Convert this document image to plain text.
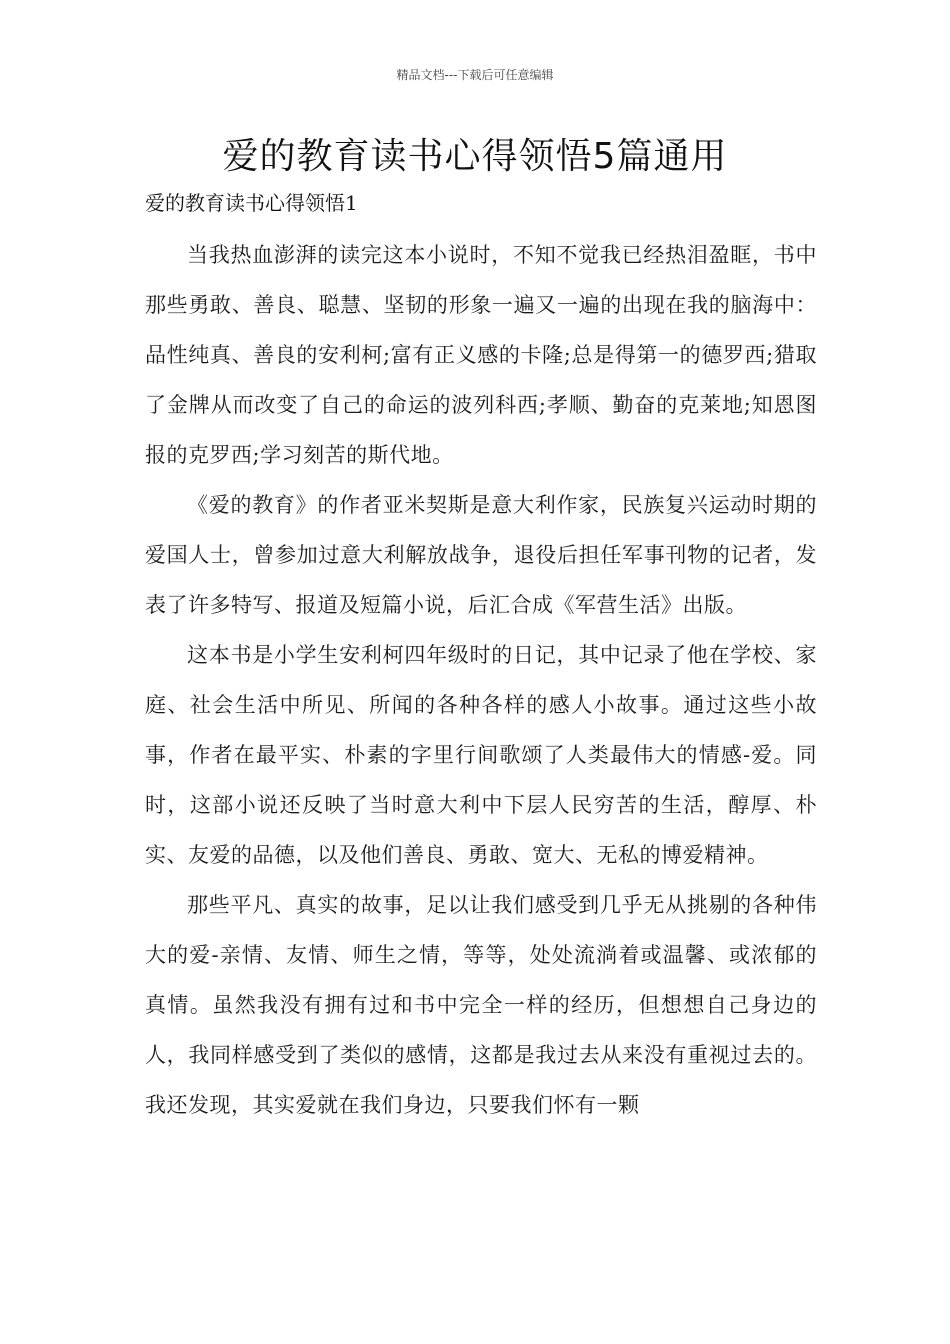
精品文档---下载后可任意编辑
爱的教育读书心得领悟5篇通用
爱的教育读书心得领悟1

当我热血澎湃的读完这本小说时，不知不觉我已经热泪盈眶，书中那些勇敢、善良、聪慧、坚韧的形象一遍又一遍的出现在我的脑海中：品性纯真、善良的安利柯;富有正义感的卡隆;总是得第一的德罗西;猎取了金牌从而改变了自己的命运的波列科西;孝顺、勤奋的克莱地;知恩图报的克罗西;学习刻苦的斯代地。

《爱的教育》的作者亚米契斯是意大利作家，民族复兴运动时期的爱国人士，曾参加过意大利解放战争，退役后担任军事刊物的记者，发表了许多特写、报道及短篇小说，后汇合成《军营生活》出版。

这本书是小学生安利柯四年级时的日记，其中记录了他在学校、家庭、社会生活中所见、所闻的各种各样的感人小故事。通过这些小故事，作者在最平实、朴素的字里行间歌颂了人类最伟大的情感-爱。同时，这部小说还反映了当时意大利中下层人民穷苦的生活，醇厚、朴实、友爱的品德，以及他们善良、勇敢、宽大、无私的博爱精神。

那些平凡、真实的故事，足以让我们感受到几乎无从挑剔的各种伟大的爱-亲情、友情、师生之情，等等，处处流淌着或温馨、或浓郁的真情。虽然我没有拥有过和书中完全一样的经历，但想想自己身边的人，我同样感受到了类似的感情，这都是我过去从来没有重视过去的。我还发现，其实爱就在我们身边，只要我们怀有一颗
